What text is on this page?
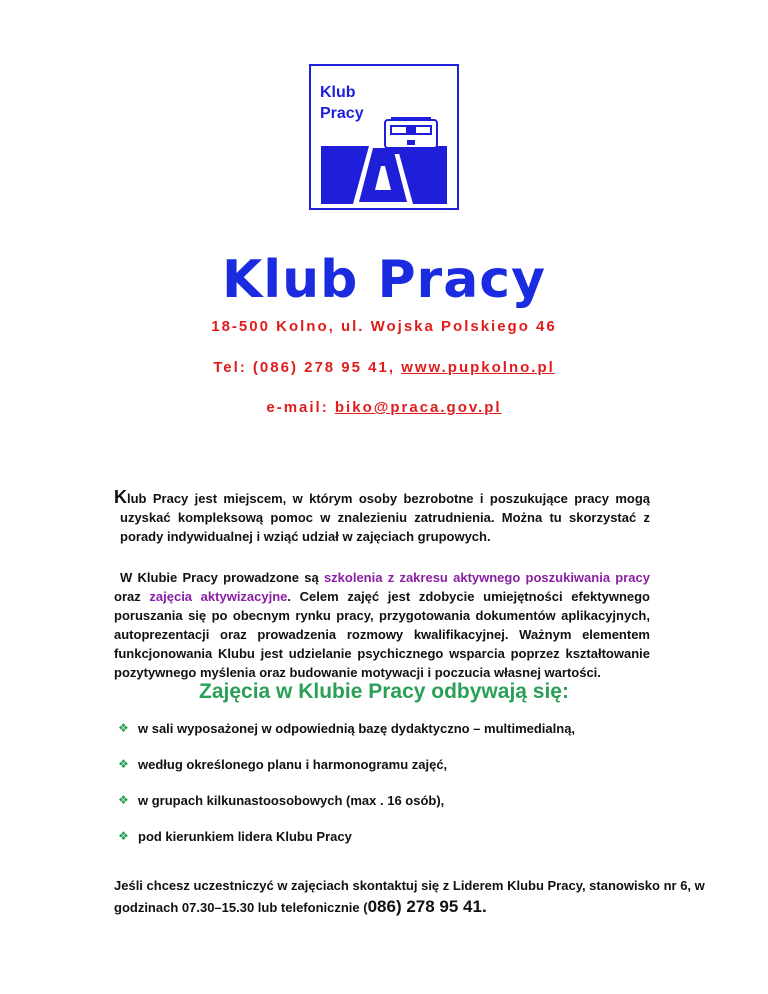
Klub
Pracy
Klub Pracy
18-500 Kolno, ul. Wojska Polskiego 46
Tel: (086) 278 95 41, www.pupkolno.pl
e-mail: biko@praca.gov.pl
Klub Pracy jest miejscem, w którym osoby bezrobotne i poszukujące pracy mogą uzyskać kompleksową pomoc w znalezieniu zatrudnienia. Można tu skorzystać z porady indywidualnej i wziąć udział w zajęciach grupowych.
W Klubie Pracy prowadzone są szkolenia z zakresu aktywnego poszukiwania pracy oraz zajęcia aktywizacyjne. Celem zajęć jest zdobycie umiejętności efektywnego poruszania się po obecnym rynku pracy, przygotowania dokumentów aplikacyjnych, autoprezentacji oraz prowadzenia rozmowy kwalifikacyjnej. Ważnym elementem funkcjonowania Klubu jest udzielanie psychicznego wsparcia poprzez kształtowanie pozytywnego myślenia oraz budowanie motywacji i poczucia własnej wartości.
Zajęcia w Klubie Pracy odbywają się:
❖ w sali wyposażonej w odpowiednią bazę dydaktyczno – multimedialną,
❖ według określonego planu i harmonogramu zajęć,
❖ w grupach kilkunastoosobowych (max . 16 osób),
❖ pod kierunkiem lidera Klubu Pracy
Jeśli chcesz uczestniczyć w zajęciach skontaktuj się z Liderem Klubu Pracy, stanowisko nr 6, w godzinach 07.30–15.30 lub telefonicznie (086) 278 95 41.
